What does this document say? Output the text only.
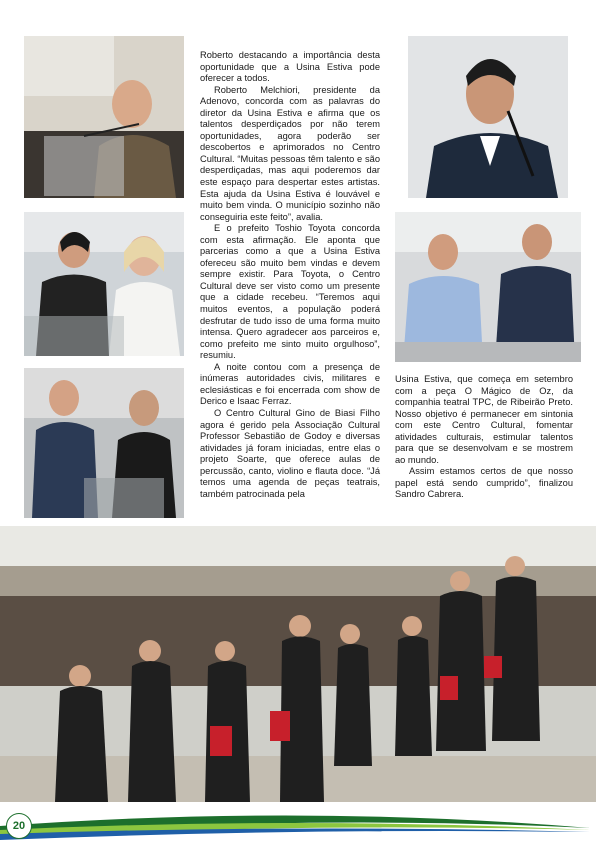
Roberto destacando a importância desta oportunidade que a Usina Estiva pode oferecer a todos.

Roberto Melchiori, presidente da Adenovo, concorda com as palavras do diretor da Usina Estiva e afirma que os talentos desperdiçados por não terem oportunidades, agora poderão ser descobertos e aprimorados no Centro Cultural. “Muitas pessoas têm talento e são desperdiçadas, mas aqui poderemos dar este espaço para despertar estes artistas. Esta ajuda da Usina Estiva é louvável e muito bem vinda. O município sozinho não conseguiria este feito”, avalia.

E o prefeito Toshio Toyota concorda com esta afirmação. Ele aponta que parcerias como a que a Usina Estiva ofereceu são muito bem vindas e devem sempre existir. Para Toyota, o Centro Cultural deve ser visto como um presente que a cidade recebeu. “Teremos aqui muitos eventos, a população poderá desfrutar de tudo isso de uma forma muito intensa. Quero agradecer aos parceiros e, como prefeito me sinto muito orgulhoso”, resumiu.

A noite contou com a presença de inúmeras autoridades civis, militares e eclesiásticas e foi encerrada com show de Derico e Isaac Ferraz.

O Centro Cultural Gino de Biasi Filho agora é gerido pela Associação Cultural Professor Sebastião de Godoy e diversas atividades já foram iniciadas, entre elas o projeto Soarte, que oferece aulas de percussão, canto, violino e flauta doce. “Já temos uma agenda de peças teatrais, também patrocinada pela

Usina Estiva, que começa em setembro com a peça O Mágico de Oz, da companhia teatral TPC, de Ribeirão Preto. Nosso objetivo é permanecer em sintonia com este Centro Cultural, fomentar atividades culturais, estimular talentos para que se desenvolvam e se mostrem ao mundo.

Assim estamos certos de que nosso papel está sendo cumprido”, finalizou Sandro Cabrera.

20
